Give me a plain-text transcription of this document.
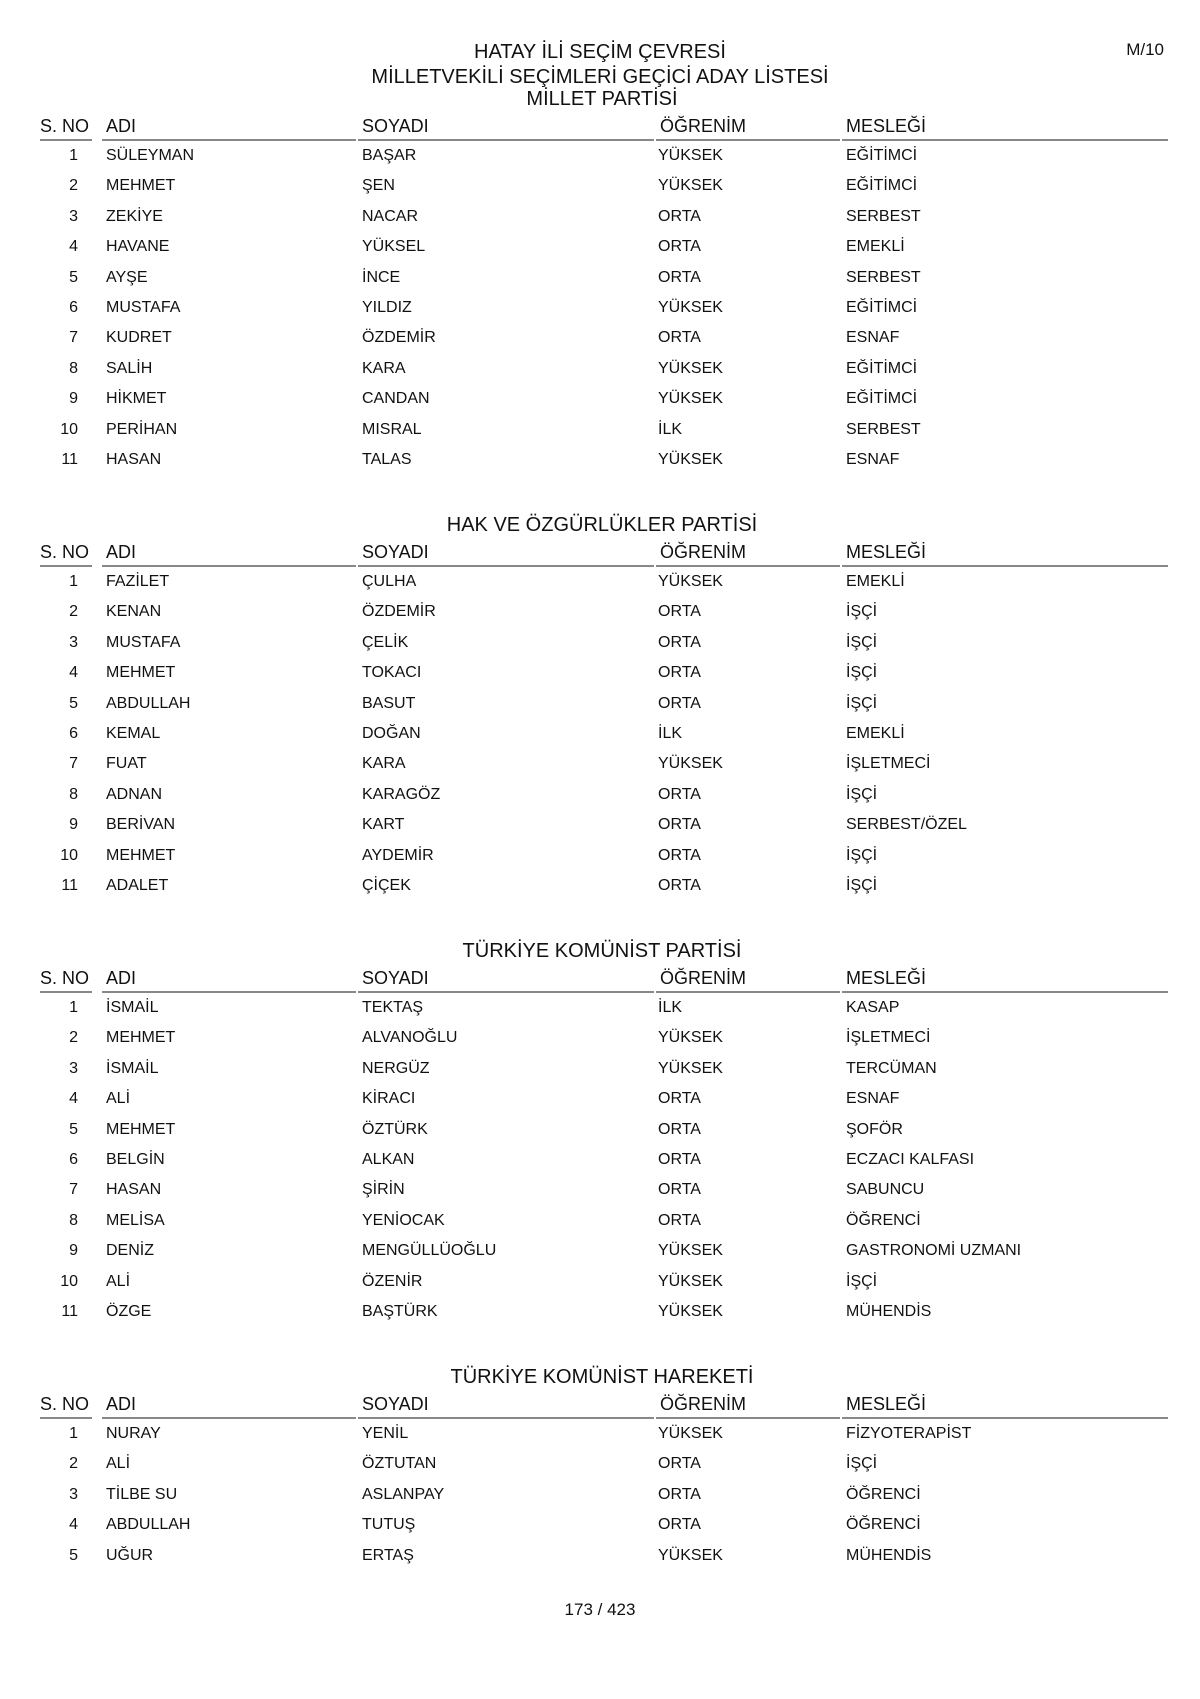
M/10
HATAY İLİ SEÇİM ÇEVRESİ
MİLLETVEKİLİ SEÇİMLERİ GEÇİCİ ADAY LİSTESİ
MİLLET PARTİSİ
S. NO ADI	SOYADI	ÖĞRENİM	MESLEĞİ
1 SÜLEYMAN	BAŞAR	YÜKSEK	EĞİTİMCİ
2 MEHMET	ŞEN	YÜKSEK	EĞİTİMCİ
3 ZEKİYE	NACAR	ORTA	SERBEST
4 HAVANE	YÜKSEL	ORTA	EMEKLİ
5 AYŞE	İNCE	ORTA	SERBEST
6 MUSTAFA	YILDIZ	YÜKSEK	EĞİTİMCİ
7 KUDRET	ÖZDEMİR	ORTA	ESNAF
8 SALİH	KARA	YÜKSEK	EĞİTİMCİ
9 HİKMET	CANDAN	YÜKSEK	EĞİTİMCİ
10 PERİHAN	MISRAL	İLK	SERBEST
11 HASAN	TALAS	YÜKSEK	ESNAF
HAK VE ÖZGÜRLÜKLER PARTİSİ
S. NO ADI	SOYADI	ÖĞRENİM	MESLEĞİ
1 FAZİLET	ÇULHA	YÜKSEK	EMEKLİ
2 KENAN	ÖZDEMİR	ORTA	İŞÇİ
3 MUSTAFA	ÇELİK	ORTA	İŞÇİ
4 MEHMET	TOKACI	ORTA	İŞÇİ
5 ABDULLAH	BASUT	ORTA	İŞÇİ
6 KEMAL	DOĞAN	İLK	EMEKLİ
7 FUAT	KARA	YÜKSEK	İŞLETMECİ
8 ADNAN	KARAGÖZ	ORTA	İŞÇİ
9 BERİVAN	KART	ORTA	SERBEST/ÖZEL
10 MEHMET	AYDEMİR	ORTA	İŞÇİ
11 ADALET	ÇİÇEK	ORTA	İŞÇİ
TÜRKİYE KOMÜNİST PARTİSİ
S. NO ADI	SOYADI	ÖĞRENİM	MESLEĞİ
1 İSMAİL	TEKTAŞ	İLK	KASAP
2 MEHMET	ALVANOĞLU	YÜKSEK	İŞLETMECİ
3 İSMAİL	NERGÜZ	YÜKSEK	TERCÜMAN
4 ALİ	KİRACI	ORTA	ESNAF
5 MEHMET	ÖZTÜRK	ORTA	ŞOFÖR
6 BELGİN	ALKAN	ORTA	ECZACI KALFASI
7 HASAN	ŞİRİN	ORTA	SABUNCU
8 MELİSA	YENİOCAK	ORTA	ÖĞRENCİ
9 DENİZ	MENGÜLLÜOĞLU	YÜKSEK	GASTRONOMİ UZMANI
10 ALİ	ÖZENİR	YÜKSEK	İŞÇİ
11 ÖZGE	BAŞTÜRK	YÜKSEK	MÜHENDİS
TÜRKİYE KOMÜNİST HAREKETİ
S. NO ADI	SOYADI	ÖĞRENİM	MESLEĞİ
1 NURAY	YENİL	YÜKSEK	FİZYOTERAPİST
2 ALİ	ÖZTUTAN	ORTA	İŞÇİ
3 TİLBE SU	ASLANPAY	ORTA	ÖĞRENCİ
4 ABDULLAH	TUTUŞ	ORTA	ÖĞRENCİ
5 UĞUR	ERTAŞ	YÜKSEK	MÜHENDİS
173 / 423
